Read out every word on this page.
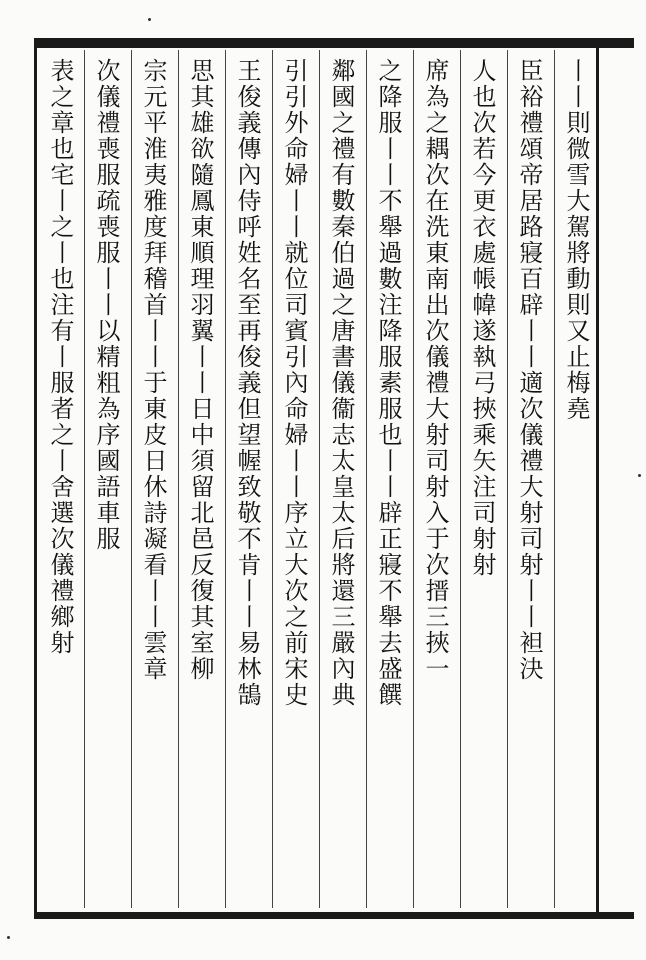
丨丨則微雪大駕將動則又止梅堯
臣裕禮頌帝居路寢百辟丨丨適次儀禮大射司射丨丨袒決
人也次若今更衣處帳幃遂執弓挾乘矢注司射射
席為之耦次在洗東南出次儀禮大射司射入于次搢三挾一
之降服丨丨不舉過數注降服素服也丨丨辟正寢不舉去盛饌
鄰國之禮有數秦伯過之唐書儀衞志太皇太后將還三嚴內典
引引外命婦丨丨就位司賓引內命婦丨丨序立大次之前宋史
王俊義傳內侍呼姓名至再俊義但望幄致敬不肯丨丨易林鵠
思其雄欲隨鳳東順理羽翼丨丨日中須留北邑反復其室柳
宗元平淮夷雅度拜稽首丨丨于東皮日休詩凝看丨丨雲章
次儀禮喪服疏喪服丨丨以精粗為序國語車服
表之章也宅丨之丨也注有丨服者之丨舍選次儀禮鄉射
